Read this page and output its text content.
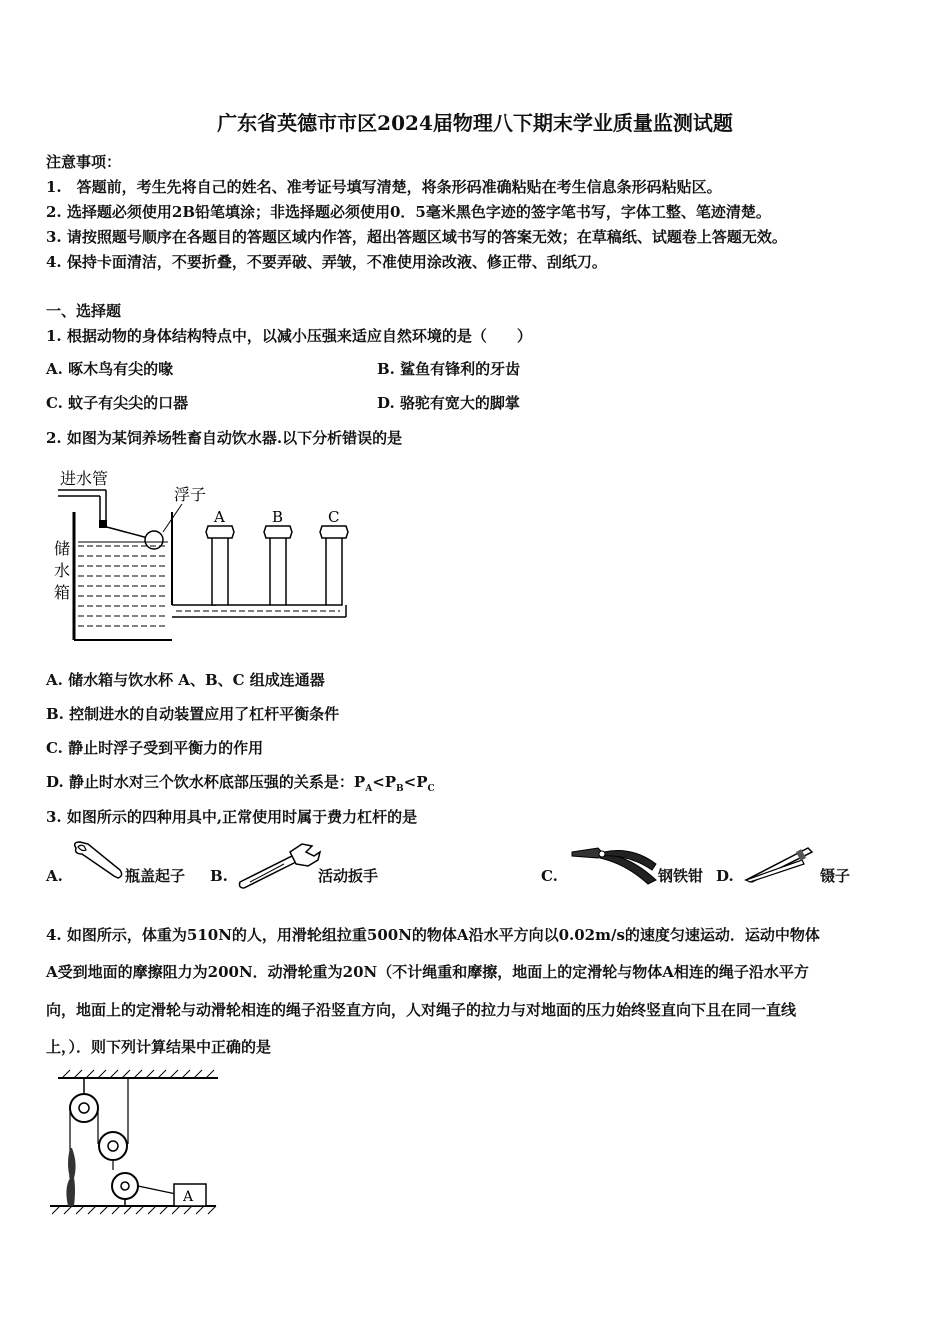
广东省英德市市区2024届物理八下期末学业质量监测试题
注意事项：
1.　答题前，考生先将自己的姓名、准考证号填写清楚，将条形码准确粘贴在考生信息条形码粘贴区。
2. 选择题必须使用2B铅笔填涂；非选择题必须使用0．5毫米黑色字迹的签字笔书写，字体工整、笔迹清楚。
3. 请按照题号顺序在各题目的答题区域内作答，超出答题区域书写的答案无效；在草稿纸、试题卷上答题无效。
4. 保持卡面清洁，不要折叠，不要弄破、弄皱，不准使用涂改液、修正带、刮纸刀。
一、选择题
1. 根据动物的身体结构特点中，以减小压强来适应自然环境的是（　　）
A. 啄木鸟有尖的喙	B. 鲨鱼有锋利的牙齿
C. 蚊子有尖尖的口器	D. 骆驼有宽大的脚掌
2. 如图为某饲养场牲畜自动饮水器.以下分析错误的是
进水管
浮子
储
水
箱
A	B	C
A. 储水箱与饮水杯 A、B、C 组成连通器
B. 控制进水的自动装置应用了杠杆平衡条件
C. 静止时浮子受到平衡力的作用
D. 静止时水对三个饮水杯底部压强的关系是：$P_A<P_B<P_C$
3. 如图所示的四种用具中,正常使用时属于费力杠杆的是
A.	瓶盖起子 B.	活动扳手	C.	钢铁钳 D.	镊子
4. 如图所示，体重为510N的人，用滑轮组拉重500N的物体A沿水平方向以0.02m/s的速度匀速运动．运动中物体
A受到地面的摩擦阻力为200N．动滑轮重为20N（不计绳重和摩擦，地面上的定滑轮与物体A相连的绳子沿水平方
向，地面上的定滑轮与动滑轮相连的绳子沿竖直方向，人对绳子的拉力与对地面的压力始终竖直向下且在同一直线
上，）．则下列计算结果中正确的是
A
